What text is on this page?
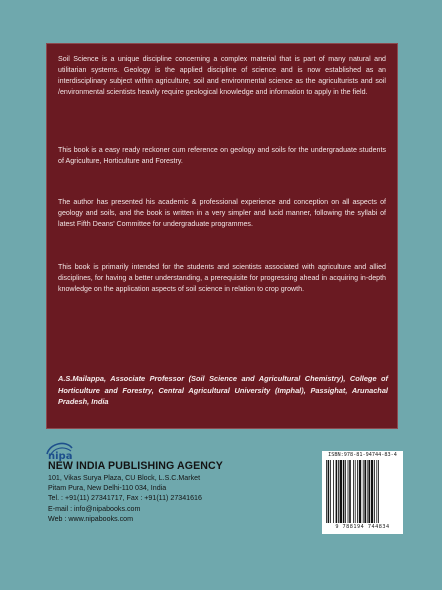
Soil Science is a unique discipline concerning a complex material that is part of many natural and utilitarian systems. Geology is the applied discipline of science and is now established as an interdisciplinary subject within agriculture, soil and environmental science as the agriculturists and soil /environmental scientists heavily require geological knowledge and information to apply in the field.

This book is a easy ready reckoner cum reference on geology and soils for the undergraduate students of Agriculture, Horticulture and Forestry.

The author has presented his academic & professional experience and conception on all aspects of geology and soils, and the book is written in a very simpler and lucid manner, following the syllabi of latest Fifth Deans' Committee for undergraduate programmes.

This book is primarily intended for the students and scientists associated with agriculture and allied disciplines, for having a better understanding, a prerequisite for progressing ahead in acquiring in-depth knowledge on the application aspects of soil science in relation to crop growth.

A.S.Mailappa, Associate Professor (Soil Science and Agricultural Chemistry), College of Horticulture and Forestry, Central Agricultural University (Imphal), Passighat, Arunachal Pradesh, India

nipa

NEW INDIA PUBLISHING AGENCY

101, Vikas Surya Plaza, CU Block, L.S.C.Market

Pitam Pura, New Delhi-110 034, India

Tel. : +91(11) 27341717, Fax : +91(11) 27341616

E-mail : info@nipabooks.com

Web : www.nipabooks.com

ISBN:978-81-94744-83-4
9 788194 744834
